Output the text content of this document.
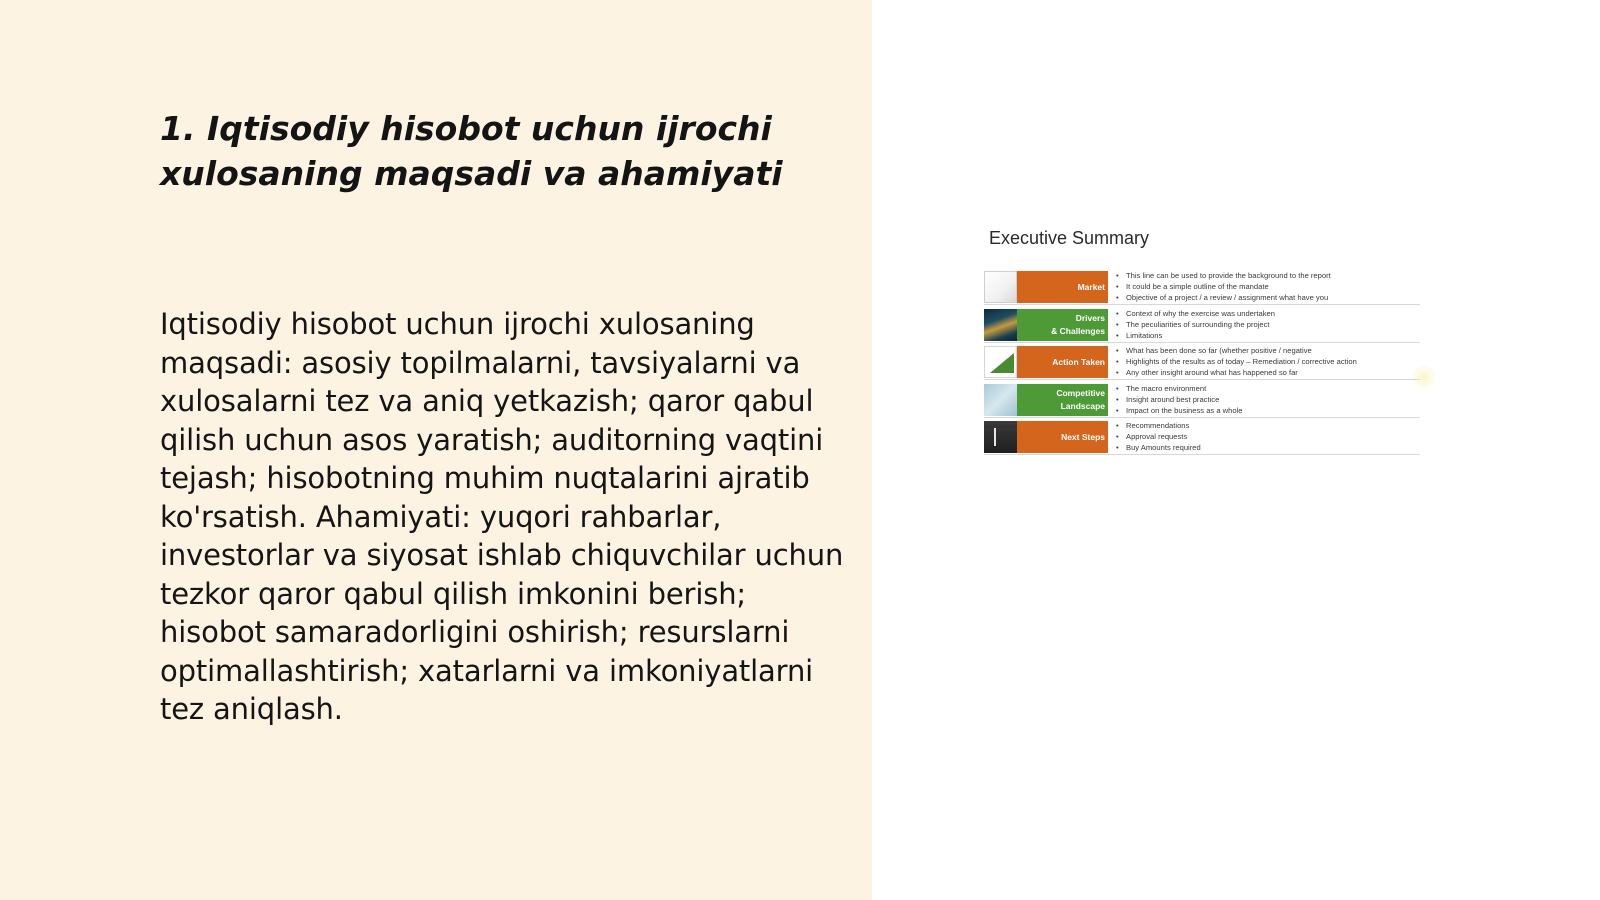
1. Iqtisodiy hisobot uchun ijrochi xulosaning maqsadi va ahamiyati

Iqtisodiy hisobot uchun ijrochi xulosaning maqsadi: asosiy topilmalarni, tavsiyalarni va xulosalarni tez va aniq yetkazish; qaror qabul qilish uchun asos yaratish; auditorning vaqtini tejash; hisobotning muhim nuqtalarini ajratib ko'rsatish. Ahamiyati: yuqori rahbarlar, investorlar va siyosat ishlab chiquvchilar uchun tezkor qaror qabul qilish imkonini berish; hisobot samaradorligini oshirish; resurslarni optimallashtirish; xatarlarni va imkoniyatlarni tez aniqlash.

Executive Summary
Market
• This line can be used to provide the background to the report
• It could be a simple outline of the mandate
• Objective of a project / a review / assignment what have you
Drivers
& Challenges
• Context of why the exercise was undertaken
• The peculiarities of surrounding the project
• Limitations
Action Taken
• What has been done so far (whether positive / negative
• Highlights of the results as of today – Remediation / corrective action
• Any other insight around what has happened so far
Competitive
Landscape
• The macro environment
• Insight around best practice
• Impact on the business as a whole
Next Steps
• Recommendations
• Approval requests
• Buy Amounts required
